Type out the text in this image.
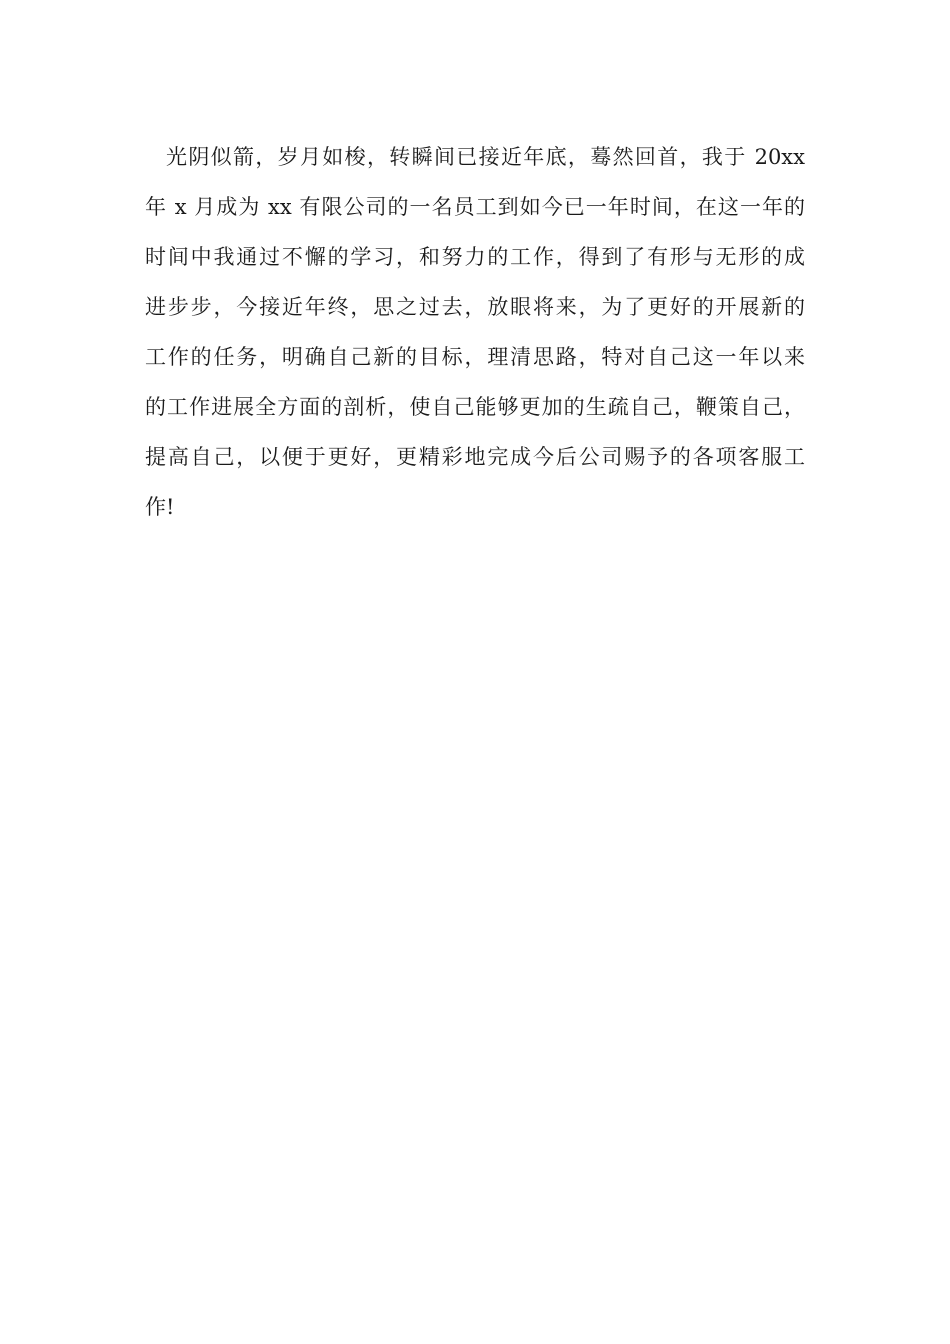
光阴似箭，岁月如梭，转瞬间已接近年底，蓦然回首，我于 20xx
年 x 月成为 xx 有限公司的一名员工到如今已一年时间，在这一年的
时间中我通过不懈的学习，和努力的工作，得到了有形与无形的成
进步步，今接近年终，思之过去，放眼将来，为了更好的开展新的
工作的任务，明确自己新的目标，理清思路，特对自己这一年以来
的工作进展全方面的剖析，使自己能够更加的生疏自己，鞭策自己，
提高自己，以便于更好，更精彩地完成今后公司赐予的各项客服工
作!
